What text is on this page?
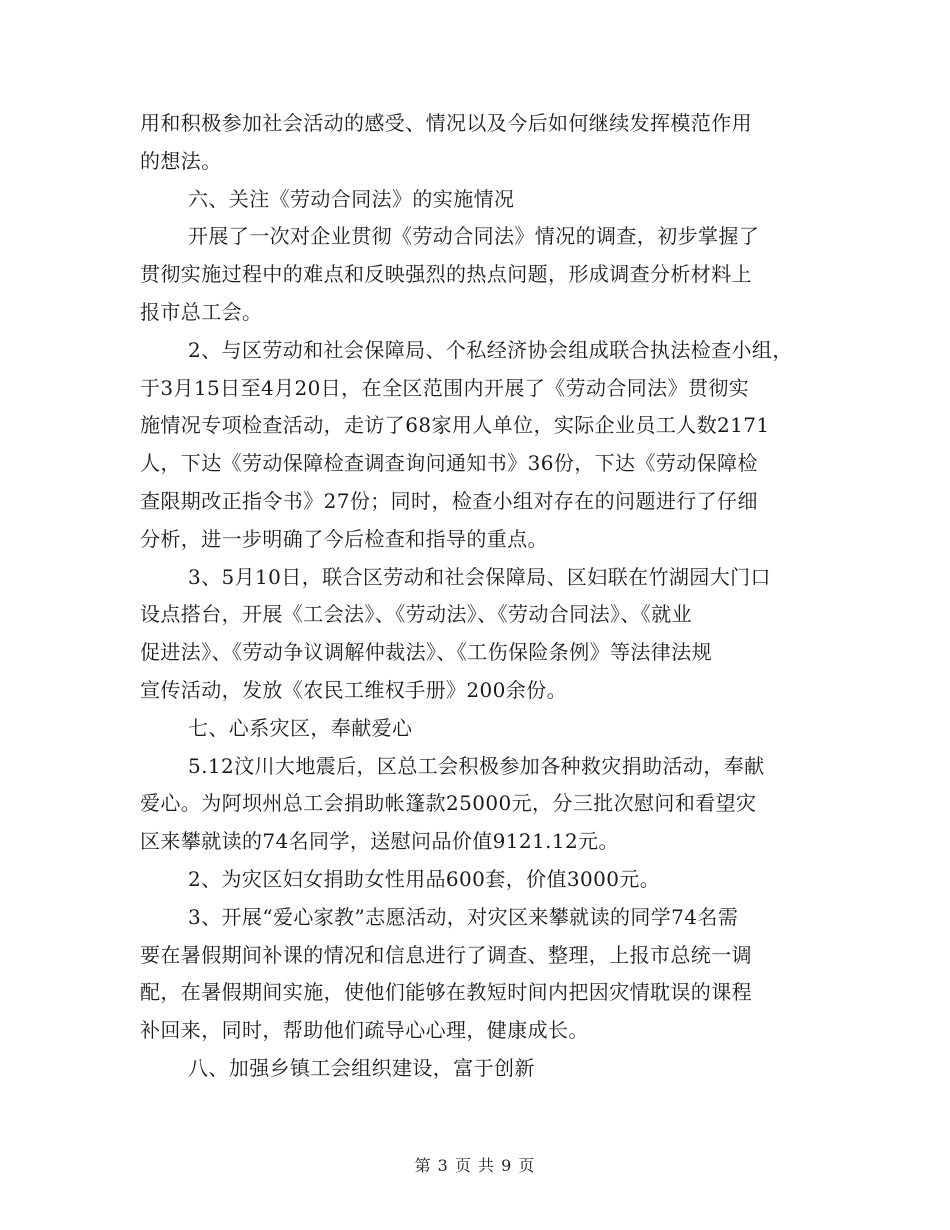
用和积极参加社会活动的感受、情况以及今后如何继续发挥模范作用
的想法。
六、关注《劳动合同法》的实施情况
开展了一次对企业贯彻《劳动合同法》情况的调查，初步掌握了
贯彻实施过程中的难点和反映强烈的热点问题，形成调查分析材料上
报市总工会。
2、与区劳动和社会保障局、个私经济协会组成联合执法检查小组，
于3月15日至4月20日，在全区范围内开展了《劳动合同法》贯彻实
施情况专项检查活动，走访了68家用人单位，实际企业员工人数2171
人，下达《劳动保障检查调查询问通知书》36份，下达《劳动保障检
查限期改正指令书》27份；同时，检查小组对存在的问题进行了仔细
分析，进一步明确了今后检查和指导的重点。
3、5月10日，联合区劳动和社会保障局、区妇联在竹湖园大门口
设点搭台，开展《工会法》、《劳动法》、《劳动合同法》、《就业
促进法》、《劳动争议调解仲裁法》、《工伤保险条例》等法律法规
宣传活动，发放《农民工维权手册》200余份。
七、心系灾区，奉献爱心
5.12汶川大地震后，区总工会积极参加各种救灾捐助活动，奉献
爱心。为阿坝州总工会捐助帐篷款25000元，分三批次慰问和看望灾
区来攀就读的74名同学，送慰问品价值9121.12元。
2、为灾区妇女捐助女性用品600套，价值3000元。
3、开展“爱心家教”志愿活动，对灾区来攀就读的同学74名需
要在暑假期间补课的情况和信息进行了调查、整理，上报市总统一调
配，在暑假期间实施，使他们能够在教短时间内把因灾情耽误的课程
补回来，同时，帮助他们疏导心心理，健康成长。
八、加强乡镇工会组织建设，富于创新
第 3 页 共 9 页
